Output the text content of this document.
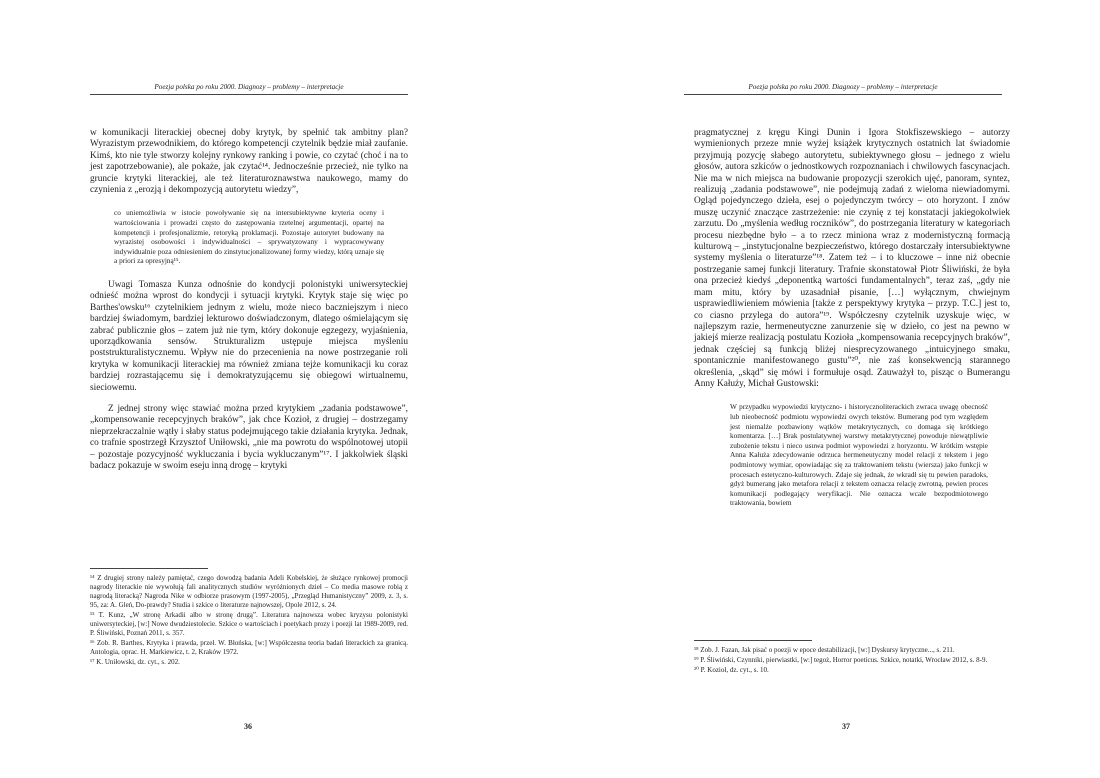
Poezja polska po roku 2000. Diagnozy – problemy – interpretacje

w komunikacji literackiej obecnej doby krytyk, by spełnić tak ambitny plan? Wyrazistym przewodnikiem, do którego kompetencji czytelnik będzie miał zaufanie. Kimś, kto nie tyle stworzy kolejny rynkowy ranking i powie, co czytać (choć i na to jest zapotrzebowanie), ale pokaże, jak czytać¹⁴. Jednocześnie przecież, nie tylko na gruncie krytyki literackiej, ale też literaturoznawstwa naukowego, mamy do czynienia z „erozją i dekompozycją autorytetu wiedzy”,

co uniemożliwia w istocie powoływanie się na intersubiektywne kryteria oceny i wartościowania i prowadzi często do zastępowania rzetelnej argumentacji, opartej na kompetencji i profesjonalizmie, retoryką proklamacji. Pozostaje autorytet budowany na wyrazistej osobowości i indywidualności – sprywatyzowany i wypracowywany indywidualnie poza odniesieniem do zinstytucjonalizowanej formy wiedzy, którą uznaje się a priori za opresyjną¹⁵.

Uwagi Tomasza Kunza odnośnie do kondycji polonistyki uniwersyteckiej odnieść można wprost do kondycji i sytuacji krytyki. Krytyk staje się więc po Barthes'owsku¹⁶ czytelnikiem jednym z wielu, może nieco baczniejszym i nieco bardziej świadomym, bardziej lekturowo doświadczonym, dlatego ośmielającym się zabrać publicznie głos – zatem już nie tym, który dokonuje egzegezy, wyjaśnienia, uporządkowania sensów. Strukturalizm ustępuje miejsca myśleniu poststrukturalistycznemu. Wpływ nie do przecenienia na nowe postrzeganie roli krytyka w komunikacji literackiej ma również zmiana tejże komunikacji ku coraz bardziej rozrastającemu się i demokratyzującemu się obiegowi wirtualnemu, sieciowemu.

Z jednej strony więc stawiać można przed krytykiem „zadania podstawowe”, „kompensowanie recepcyjnych braków”, jak chce Kozioł, z drugiej – dostrzegamy nieprzekraczalnie wątły i słaby status podejmującego takie działania krytyka. Jednak, co trafnie spostrzegł Krzysztof Uniłowski, „nie ma powrotu do wspólnotowej utopii – pozostaje pozycyjność wykluczania i bycia wykluczanym”¹⁷. I jakkolwiek śląski badacz pokazuje w swoim eseju inną drogę – krytyki

¹⁴ Z drugiej strony należy pamiętać, czego dowodzą badania Adeli Kobelskiej, że służące rynkowej promocji nagrody literackie nie wywołują fali analitycznych studiów wyróżnionych dzieł – Co media masowe robią z nagrodą literacką? Nagroda Nike w odbiorze prasowym (1997-2005), „Przegląd Humanistyczny” 2009, z. 3, s. 95, za: A. Gleń, Do-prawdy? Studia i szkice o literaturze najnowszej, Opole 2012, s. 24.

¹⁵ T. Kunz, „W stronę Arkadii albo w stronę drugą”. Literatura najnowsza wobec kryzysu polonistyki uniwersyteckiej, [w:] Nowe dwudziestolecie. Szkice o wartościach i poetykach prozy i poezji lat 1989-2009, red. P. Śliwiński, Poznań 2011, s. 357.

¹⁶ Zob. R. Barthes, Krytyka i prawda, przeł. W. Błońska, [w:] Współczesna teoria badań literackich za granicą. Antologia, oprac. H. Markiewicz, t. 2, Kraków 1972.

¹⁷ K. Uniłowski, dz. cyt., s. 202.

36
Poezja polska po roku 2000. Diagnozy – problemy – interpretacje

pragmatycznej z kręgu Kingi Dunin i Igora Stokfiszewskiego – autorzy wymienionych przeze mnie wyżej książek krytycznych ostatnich lat świadomie przyjmują pozycję słabego autorytetu, subiektywnego głosu – jednego z wielu głosów, autora szkiców o jednostkowych rozpoznaniach i chwilowych fascynacjach. Nie ma w nich miejsca na budowanie propozycji szerokich ujęć, panoram, syntez, realizują „zadania podstawowe”, nie podejmują zadań z wieloma niewiadomymi. Ogląd pojedynczego dzieła, esej o pojedynczym twórcy – oto horyzont. I znów muszę uczynić znaczące zastrzeżenie: nie czynię z tej konstatacji jakiegokolwiek zarzutu. Do „myślenia według roczników”, do postrzegania literatury w kategoriach procesu niezbędne było – a to rzecz miniona wraz z modernistyczną formacją kulturową – „instytucjonalne bezpieczeństwo, którego dostarczały intersubiektywne systemy myślenia o literaturze”¹⁸. Zatem też – i to kluczowe – inne niż obecnie postrzeganie samej funkcji literatury. Trafnie skonstatował Piotr Śliwiński, że była ona przecież kiedyś „deponentką wartości fundamentalnych”, teraz zaś, „gdy nie mam mitu, który by uzasadniał pisanie, […] wyłącznym, chwiejnym usprawiedliwieniem mówienia [także z perspektywy krytyka – przyp. T.C.] jest to, co ciasno przylega do autora”¹⁹. Współczesny czytelnik uzyskuje więc, w najlepszym razie, hermeneutyczne zanurzenie się w dzieło, co jest na pewno w jakiejś mierze realizacją postulatu Kozioła „kompensowania recepcyjnych braków”, jednak częściej są funkcją bliżej niesprecyzowanego „intuicyjnego smaku, spontanicznie manifestowanego gustu”²⁰, nie zaś konsekwencją starannego określenia, „skąd” się mówi i formułuje osąd. Zauważył to, pisząc o Bumerangu Anny Kałuży, Michał Gustowski:

W przypadku wypowiedzi krytyczno- i historycznoliterackich zwraca uwagę obecność lub nieobecność podmiotu wypowiedzi owych tekstów. Bumerang pod tym względem jest niemalże pozbawiony wątków metakrytycznych, co domaga się krótkiego komentarza. […] Brak postulatywnej warstwy metakrytycznej powoduje niewątpliwie zubożenie tekstu i nieco usuwa podmiot wypowiedzi z horyzontu. W krótkim wstępie Anna Kałuża zdecydowanie odrzuca hermeneutyczny model relacji z tekstem i jego podmiotowy wymiar, opowiadając się za traktowaniem tekstu (wiersza) jako funkcji w procesach estetyczno-kulturowych. Zdaje się jednak, że wkradł się tu pewien paradoks, gdyż bumerang jako metafora relacji z tekstem oznacza relację zwrotną, pewien proces komunikacji podlegający weryfikacji. Nie oznacza wcale bezpodmiotowego traktowania, bowiem

¹⁸ Zob. J. Fazan, Jak pisać o poezji w epoce destabilizacji, [w:] Dyskursy krytyczne..., s. 211.

¹⁹ P. Śliwiński, Czynniki, pierwiastki, [w:] tegoż, Horror poeticus. Szkice, notatki, Wrocław 2012, s. 8-9.

²⁰ P. Kozioł, dz. cyt., s. 10.

37
